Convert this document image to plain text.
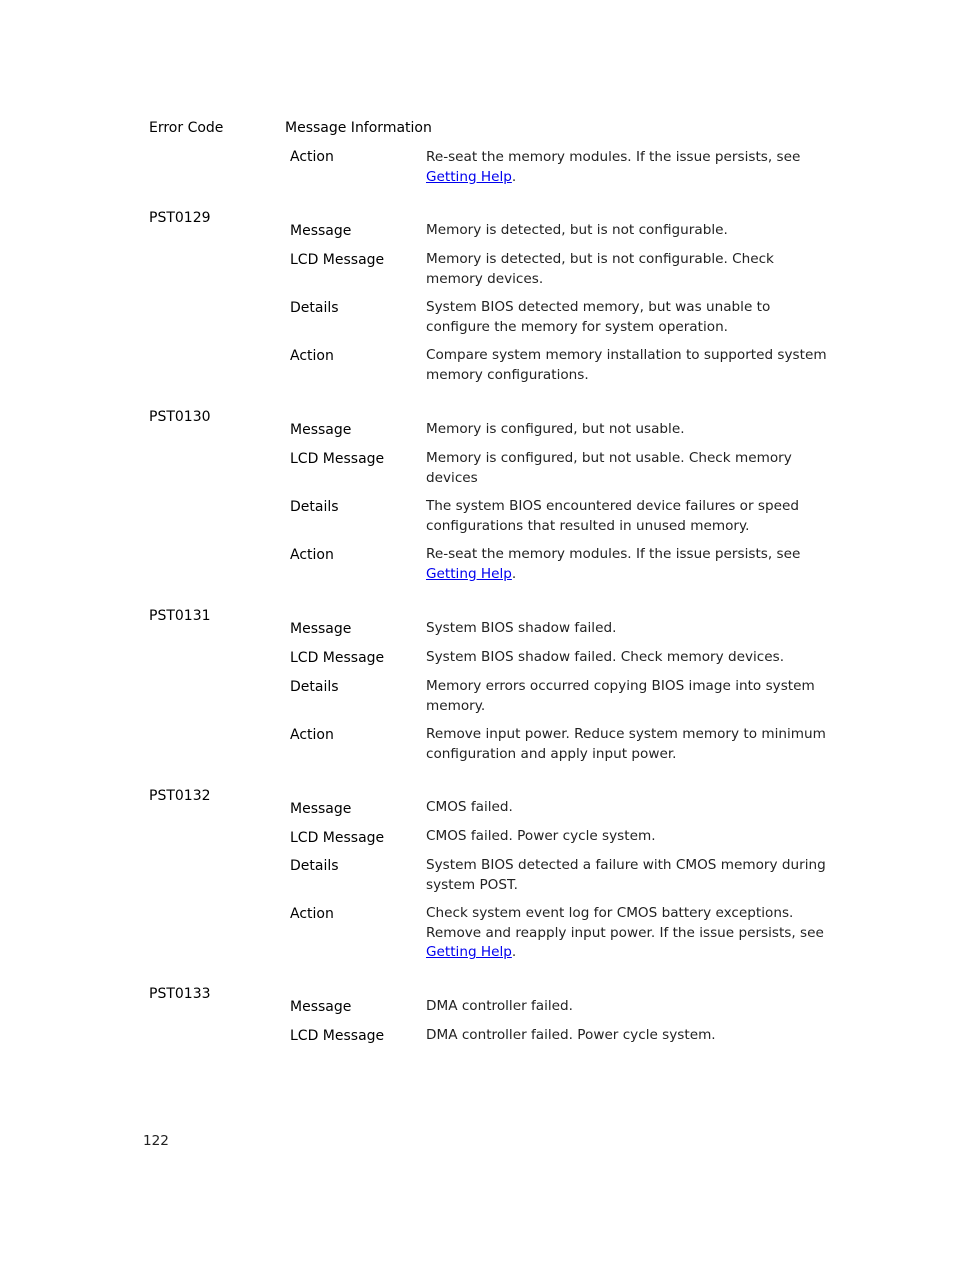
Error Code	Message Information
Action	Re-seat the memory modules. If the issue persists, see Getting Help.
PST0129
Message	Memory is detected, but is not configurable.
LCD Message	Memory is detected, but is not configurable. Check memory devices.
Details	System BIOS detected memory, but was unable to configure the memory for system operation.
Action	Compare system memory installation to supported system memory configurations.
PST0130
Message	Memory is configured, but not usable.
LCD Message	Memory is configured, but not usable. Check memory devices
Details	The system BIOS encountered device failures or speed configurations that resulted in unused memory.
Action	Re-seat the memory modules. If the issue persists, see Getting Help.
PST0131
Message	System BIOS shadow failed.
LCD Message	System BIOS shadow failed. Check memory devices.
Details	Memory errors occurred copying BIOS image into system memory.
Action	Remove input power. Reduce system memory to minimum configuration and apply input power.
PST0132
Message	CMOS failed.
LCD Message	CMOS failed. Power cycle system.
Details	System BIOS detected a failure with CMOS memory during system POST.
Action	Check system event log for CMOS battery exceptions. Remove and reapply input power. If the issue persists, see Getting Help.
PST0133
Message	DMA controller failed.
LCD Message	DMA controller failed. Power cycle system.
122
